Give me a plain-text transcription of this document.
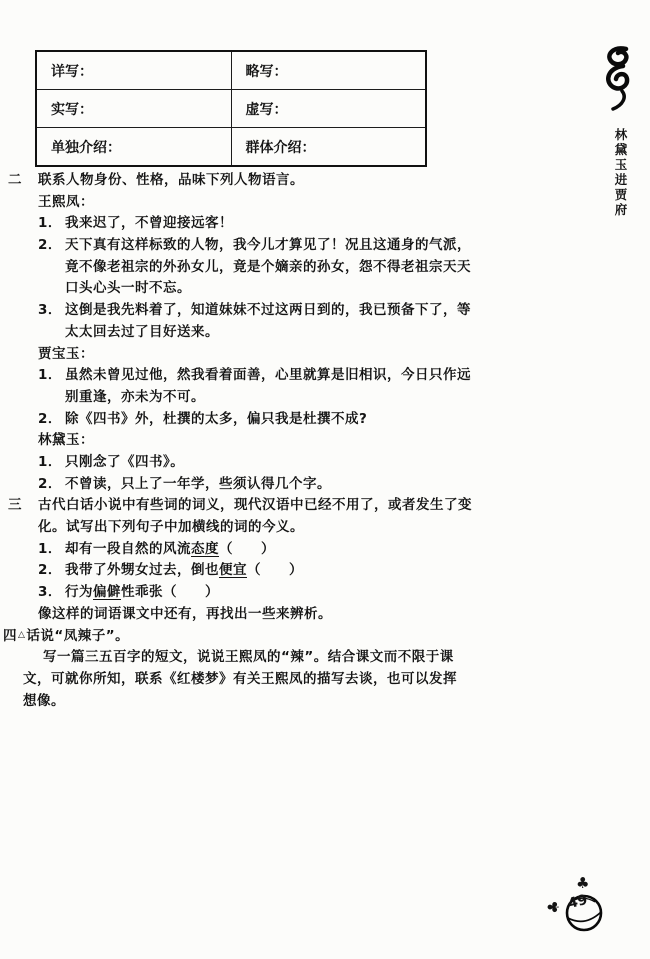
详写：	略写：
实写：	虚写：
单独介绍：	群体介绍：
二 联系人物身份、性格，品味下列人物语言。
王熙凤：
1． 我来迟了，不曾迎接远客！
2． 天下真有这样标致的人物，我今儿才算见了！况且这通身的气派，
竟不像老祖宗的外孙女儿，竟是个嫡亲的孙女，怨不得老祖宗天天
口头心头一时不忘。
3． 这倒是我先料着了，知道妹妹不过这两日到的，我已预备下了，等
太太回去过了目好送来。
贾宝玉：
1． 虽然未曾见过他，然我看着面善，心里就算是旧相识，今日只作远
别重逢，亦未为不可。
2． 除《四书》外，杜撰的太多，偏只我是杜撰不成?
林黛玉：
1． 只刚念了《四书》。
2． 不曾读，只上了一年学，些须认得几个字。
三 古代白话小说中有些词的词义，现代汉语中已经不用了，或者发生了变
化。试写出下列句子中加横线的词的今义。
1． 却有一段自然的风流态度（　　）
2． 我带了外甥女过去，倒也便宜（　　）
3． 行为偏僻性乖张（　　）
像这样的词语课文中还有，再找出一些来辨析。
四△话说“凤辣子”。
写一篇三五百字的短文，说说王熙凤的“辣”。结合课文而不限于课
文，可就你所知，联系《红楼梦》有关王熙凤的描写去谈，也可以发挥
想像。
林黛玉进贾府
♣
♣ 49
